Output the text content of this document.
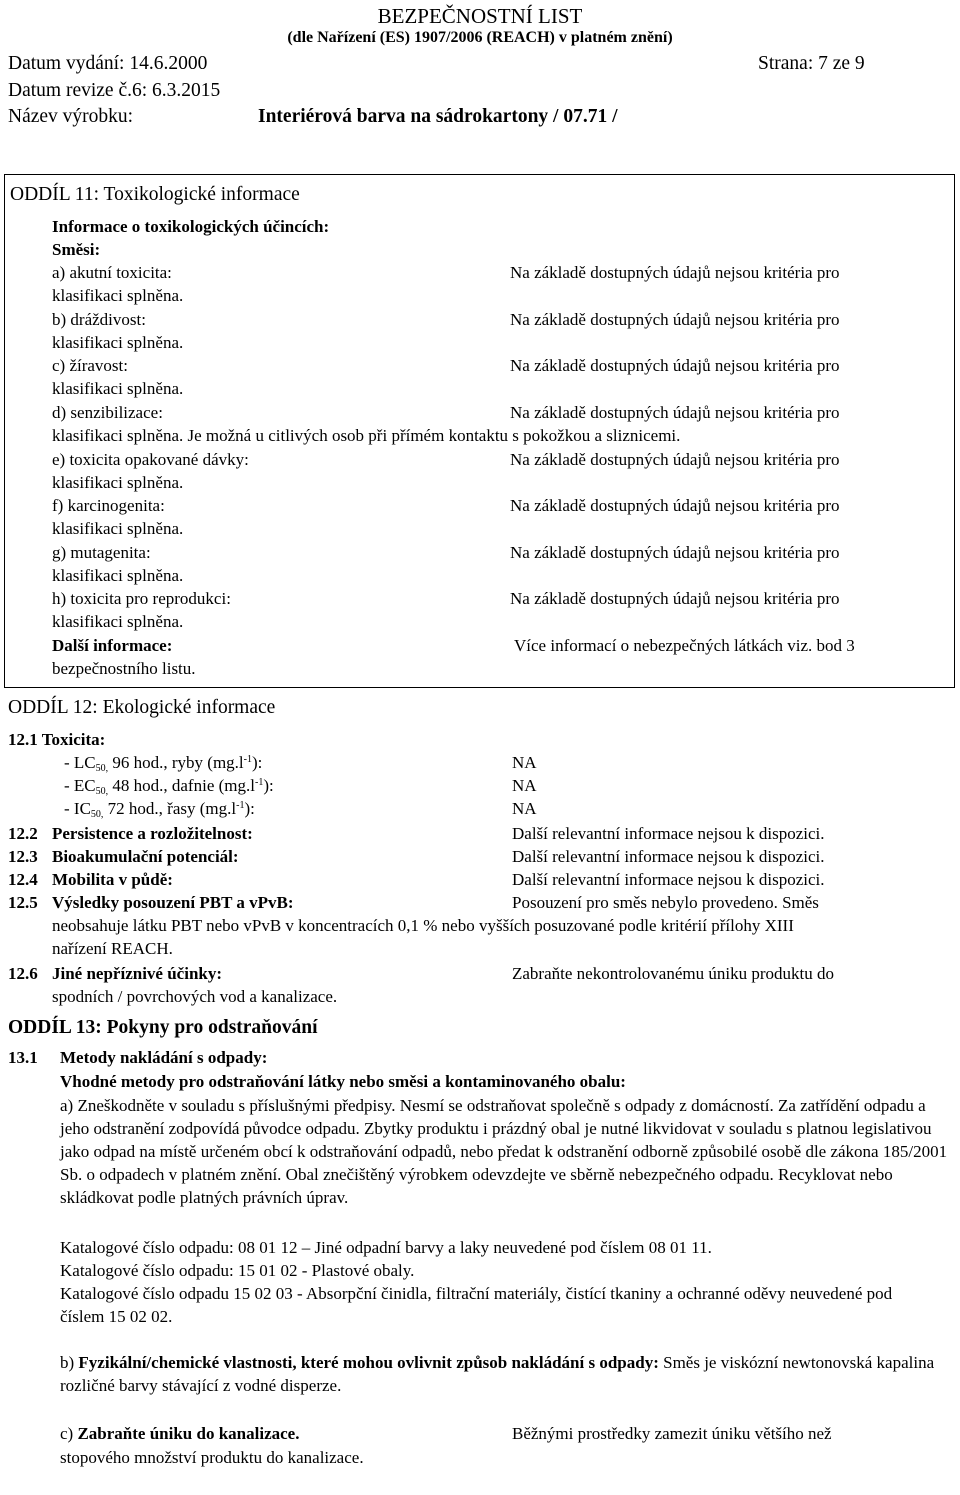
BEZPEČNOSTNÍ LIST
(dle Nařízení (ES) 1907/2006 (REACH) v platném znění)
Datum vydání: 14.6.2000	Strana: 7 ze 9
Datum revize č.6: 6.3.2015
Název výrobku:	Interiérová barva na sádrokartony / 07.71 /
ODDÍL 11: Toxikologické informace
Informace o toxikologických účincích:
Směsi:
a) akutní toxicita:	Na základě dostupných údajů nejsou kritéria pro
klasifikaci splněna.
b) dráždivost:	Na základě dostupných údajů nejsou kritéria pro
klasifikaci splněna.
c) žíravost:	Na základě dostupných údajů nejsou kritéria pro
klasifikaci splněna.
d) senzibilizace:	Na základě dostupných údajů nejsou kritéria pro
klasifikaci splněna. Je možná u citlivých osob při přímém kontaktu s pokožkou a sliznicemi.
e) toxicita opakované dávky:	Na základě dostupných údajů nejsou kritéria pro
klasifikaci splněna.
f) karcinogenita:	Na základě dostupných údajů nejsou kritéria pro
klasifikaci splněna.
g) mutagenita:	Na základě dostupných údajů nejsou kritéria pro
klasifikaci splněna.
h) toxicita pro reprodukci:	Na základě dostupných údajů nejsou kritéria pro
klasifikaci splněna.
Další informace:	Více informací o nebezpečných látkách viz. bod 3
bezpečnostního listu.
ODDÍL 12: Ekologické informace
12.1 Toxicita:
- $LC_{50,}$ 96 hod., ryby $(mg.l^{-1})$:	NA
- $EC_{50,}$ 48 hod., dafnie $(mg.l^{-1})$:	NA
- $IC_{50,}$ 72 hod., řasy $(mg.l^{-1})$:	NA
12.2 Persistence a rozložitelnost:	Další relevantní informace nejsou k dispozici.
12.3 Bioakumulační potenciál:	Další relevantní informace nejsou k dispozici.
12.4 Mobilita v půdě:	Další relevantní informace nejsou k dispozici.
12.5 Výsledky posouzení PBT a vPvB:	Posouzení pro směs nebylo provedeno. Směs
neobsahuje látku PBT nebo vPvB v koncentracích 0,1 % nebo vyšších posuzované podle kritérií přílohy XIII
nařízení REACH.
12.6 Jiné nepříznivé účinky:	Zabraňte nekontrolovanému úniku produktu do
spodních / povrchových vod a kanalizace.
ODDÍL 13: Pokyny pro odstraňování
13.1 Metody nakládání s odpady:
Vhodné metody pro odstraňování látky nebo směsi a kontaminovaného obalu:
a) Zneškodněte v souladu s příslušnými předpisy. Nesmí se odstraňovat společně s odpady z domácností. Za zatřídění odpadu a jeho odstranění zodpovídá původce odpadu. Zbytky produktu i prázdný obal je nutné likvidovat v souladu s platnou legislativou jako odpad na místě určeném obcí k odstraňování odpadů, nebo předat k odstranění odborně způsobilé osobě dle zákona 185/2001 Sb. o odpadech v platném znění. Obal znečištěný výrobkem odevzdejte ve sběrně nebezpečného odpadu. Recyklovat nebo skládkovat podle platných právních úprav.
Katalogové číslo odpadu: 08 01 12 – Jiné odpadní barvy a laky neuvedené pod číslem 08 01 11.
Katalogové číslo odpadu: 15 01 02 - Plastové obaly.
Katalogové číslo odpadu 15 02 03 - Absorpční činidla, filtrační materiály, čistící tkaniny a ochranné oděvy neuvedené pod číslem 15 02 02.
b) Fyzikální/chemické vlastnosti, které mohou ovlivnit způsob nakládání s odpady: Směs je viskózní newtonovská kapalina rozličné barvy stávající z vodné disperze.
c) Zabraňte úniku do kanalizace.	Běžnými prostředky zamezit úniku většího než
stopového množství produktu do kanalizace.
